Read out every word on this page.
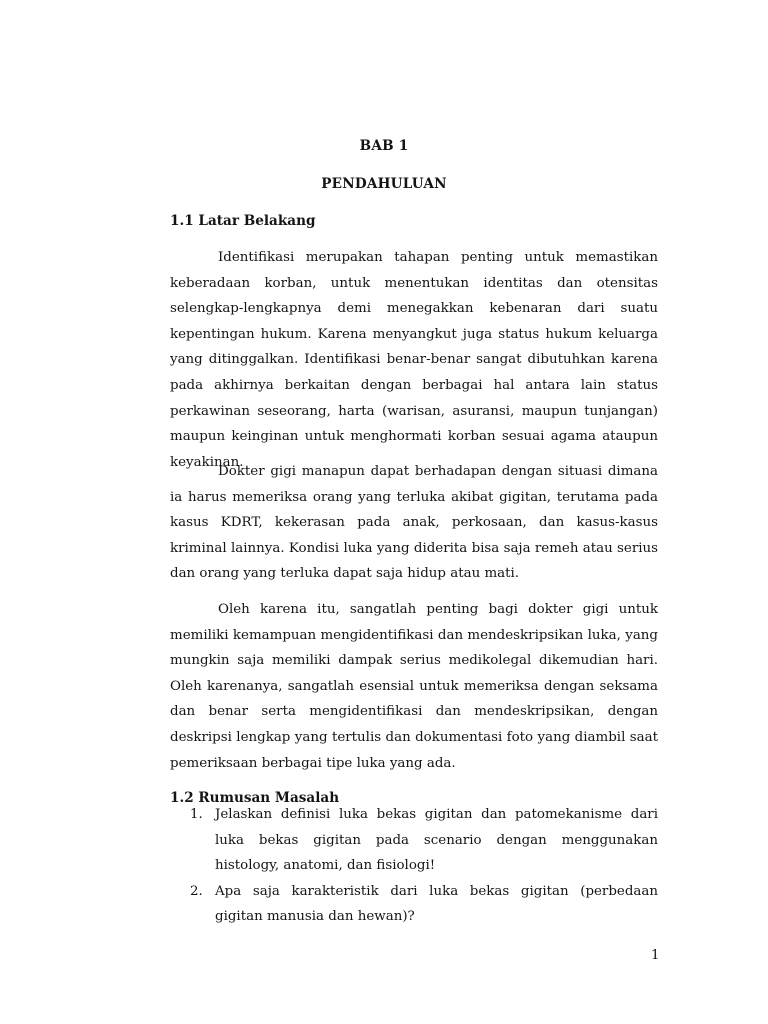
BAB 1
PENDAHULUAN
1.1 Latar Belakang

Identifikasi merupakan tahapan penting untuk memastikan keberadaan korban, untuk menentukan identitas dan otensitas selengkap-lengkapnya demi menegakkan kebenaran dari suatu kepentingan hukum. Karena menyangkut juga status hukum keluarga yang ditinggalkan. Identifikasi benar-benar sangat dibutuhkan karena pada akhirnya berkaitan dengan berbagai hal antara lain status perkawinan seseorang, harta (warisan, asuransi, maupun tunjangan) maupun keinginan untuk menghormati korban sesuai agama ataupun keyakinan.

Dokter gigi manapun dapat berhadapan dengan situasi dimana ia harus memeriksa orang yang terluka akibat gigitan, terutama pada kasus KDRT, kekerasan pada anak, perkosaan, dan kasus-kasus kriminal lainnya. Kondisi luka yang diderita bisa saja remeh atau serius dan orang yang terluka dapat saja hidup atau mati.

Oleh karena itu, sangatlah penting bagi dokter gigi untuk memiliki kemampuan mengidentifikasi dan mendeskripsikan luka, yang mungkin saja memiliki dampak serius medikolegal dikemudian hari. Oleh karenanya, sangatlah esensial untuk memeriksa dengan seksama dan benar serta mengidentifikasi dan mendeskripsikan, dengan deskripsi lengkap yang tertulis dan dokumentasi foto yang diambil saat pemeriksaan berbagai tipe luka yang ada.

1.2 Rumusan Masalah
1. Jelaskan definisi luka bekas gigitan dan patomekanisme dari luka bekas gigitan pada scenario dengan menggunakan histology, anatomi, dan fisiologi!
2. Apa saja karakteristik dari luka bekas gigitan (perbedaan gigitan manusia dan hewan)?
1
